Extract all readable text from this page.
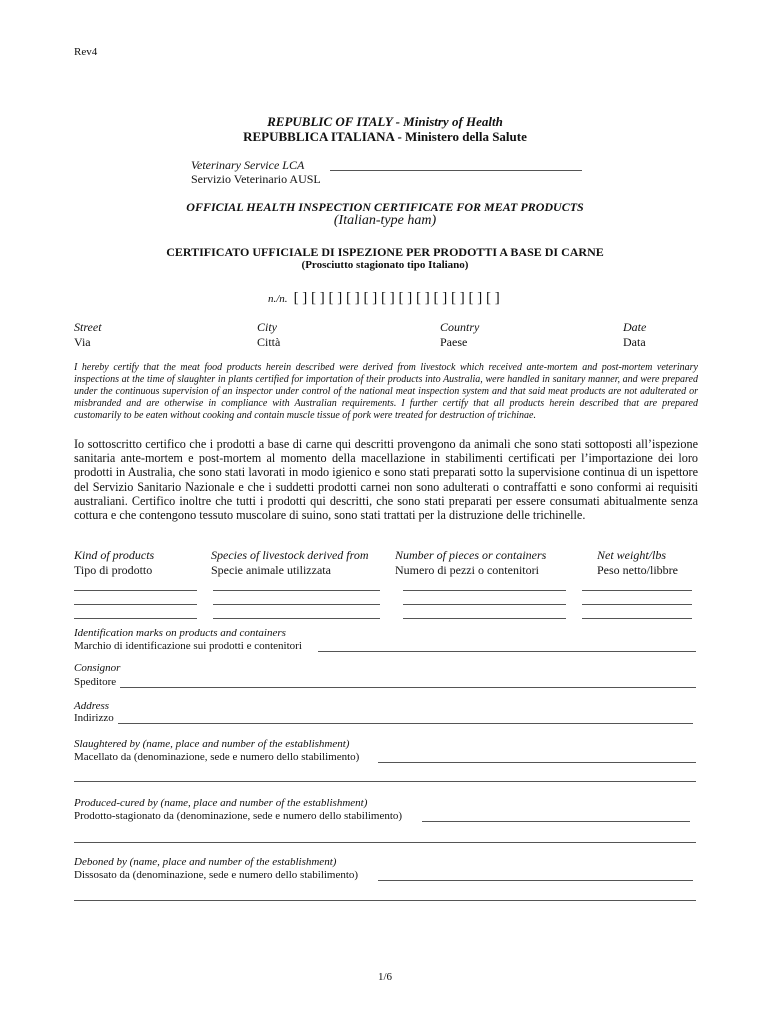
Rev4
REPUBLIC OF ITALY - Ministry of Health
REPUBBLICA ITALIANA - Ministero della Salute
Veterinary Service LCA
Servizio Veterinario AUSL
OFFICIAL HEALTH INSPECTION CERTIFICATE FOR MEAT PRODUCTS
(Italian-type ham)
CERTIFICATO UFFICIALE DI ISPEZIONE PER PRODOTTI A BASE DI CARNE
(Prosciutto stagionato tipo Italiano)
n./n. [ ] [ ] [ ] [ ] [ ] [ ] [ ] [ ] [ ] [ ] [ ] [ ]
Street
Via
City
Città
Country
Paese
Date
Data
I hereby certify that the meat food products herein described were derived from livestock which received ante-mortem and post-mortem veterinary inspections at the time of slaughter in plants certified for importation of their products into Australia, were handled in sanitary manner, and were prepared under the continuous supervision of an inspector under control of the national meat inspection system and that said meat products are not adulterated or misbranded and are otherwise in compliance with Australian requirements. I further certify that all products herein described that are prepared customarily to be eaten without cooking and contain muscle tissue of pork were treated for destruction of trichinae.
Io sottoscritto certifico che i prodotti a base di carne qui descritti provengono da animali che sono stati sottoposti all’ispezione sanitaria ante-mortem e post-mortem al momento della macellazione in stabilimenti certificati per l’importazione dei loro prodotti in Australia, che sono stati lavorati in modo igienico e sono stati preparati sotto la supervisione continua di un ispettore del Servizio Sanitario Nazionale e che i suddetti prodotti carnei non sono adulterati o contraffatti e sono conformi ai requisiti australiani. Certifico inoltre che tutti i prodotti qui descritti, che sono stati preparati per essere consumati abitualmente senza cottura e che contengono tessuto muscolare di suino, sono stati trattati per la distruzione delle trichinelle.
Kind of products
Tipo di prodotto
Species of livestock derived from
Specie animale utilizzata
Number of pieces or containers
Numero di pezzi o contenitori
Net weight/lbs
Peso netto/libbre
Identification marks on products and containers
Marchio di identificazione sui prodotti e contenitori
Consignor
Speditore
Address
Indirizzo
Slaughtered by (name, place and number of the establishment)
Macellato da (denominazione, sede e numero dello stabilimento)
Produced-cured by (name, place and number of the establishment)
Prodotto-stagionato da (denominazione, sede e numero dello stabilimento)
Deboned by (name, place and number of the establishment)
Dissosato da (denominazione, sede e numero dello stabilimento)
1/6
